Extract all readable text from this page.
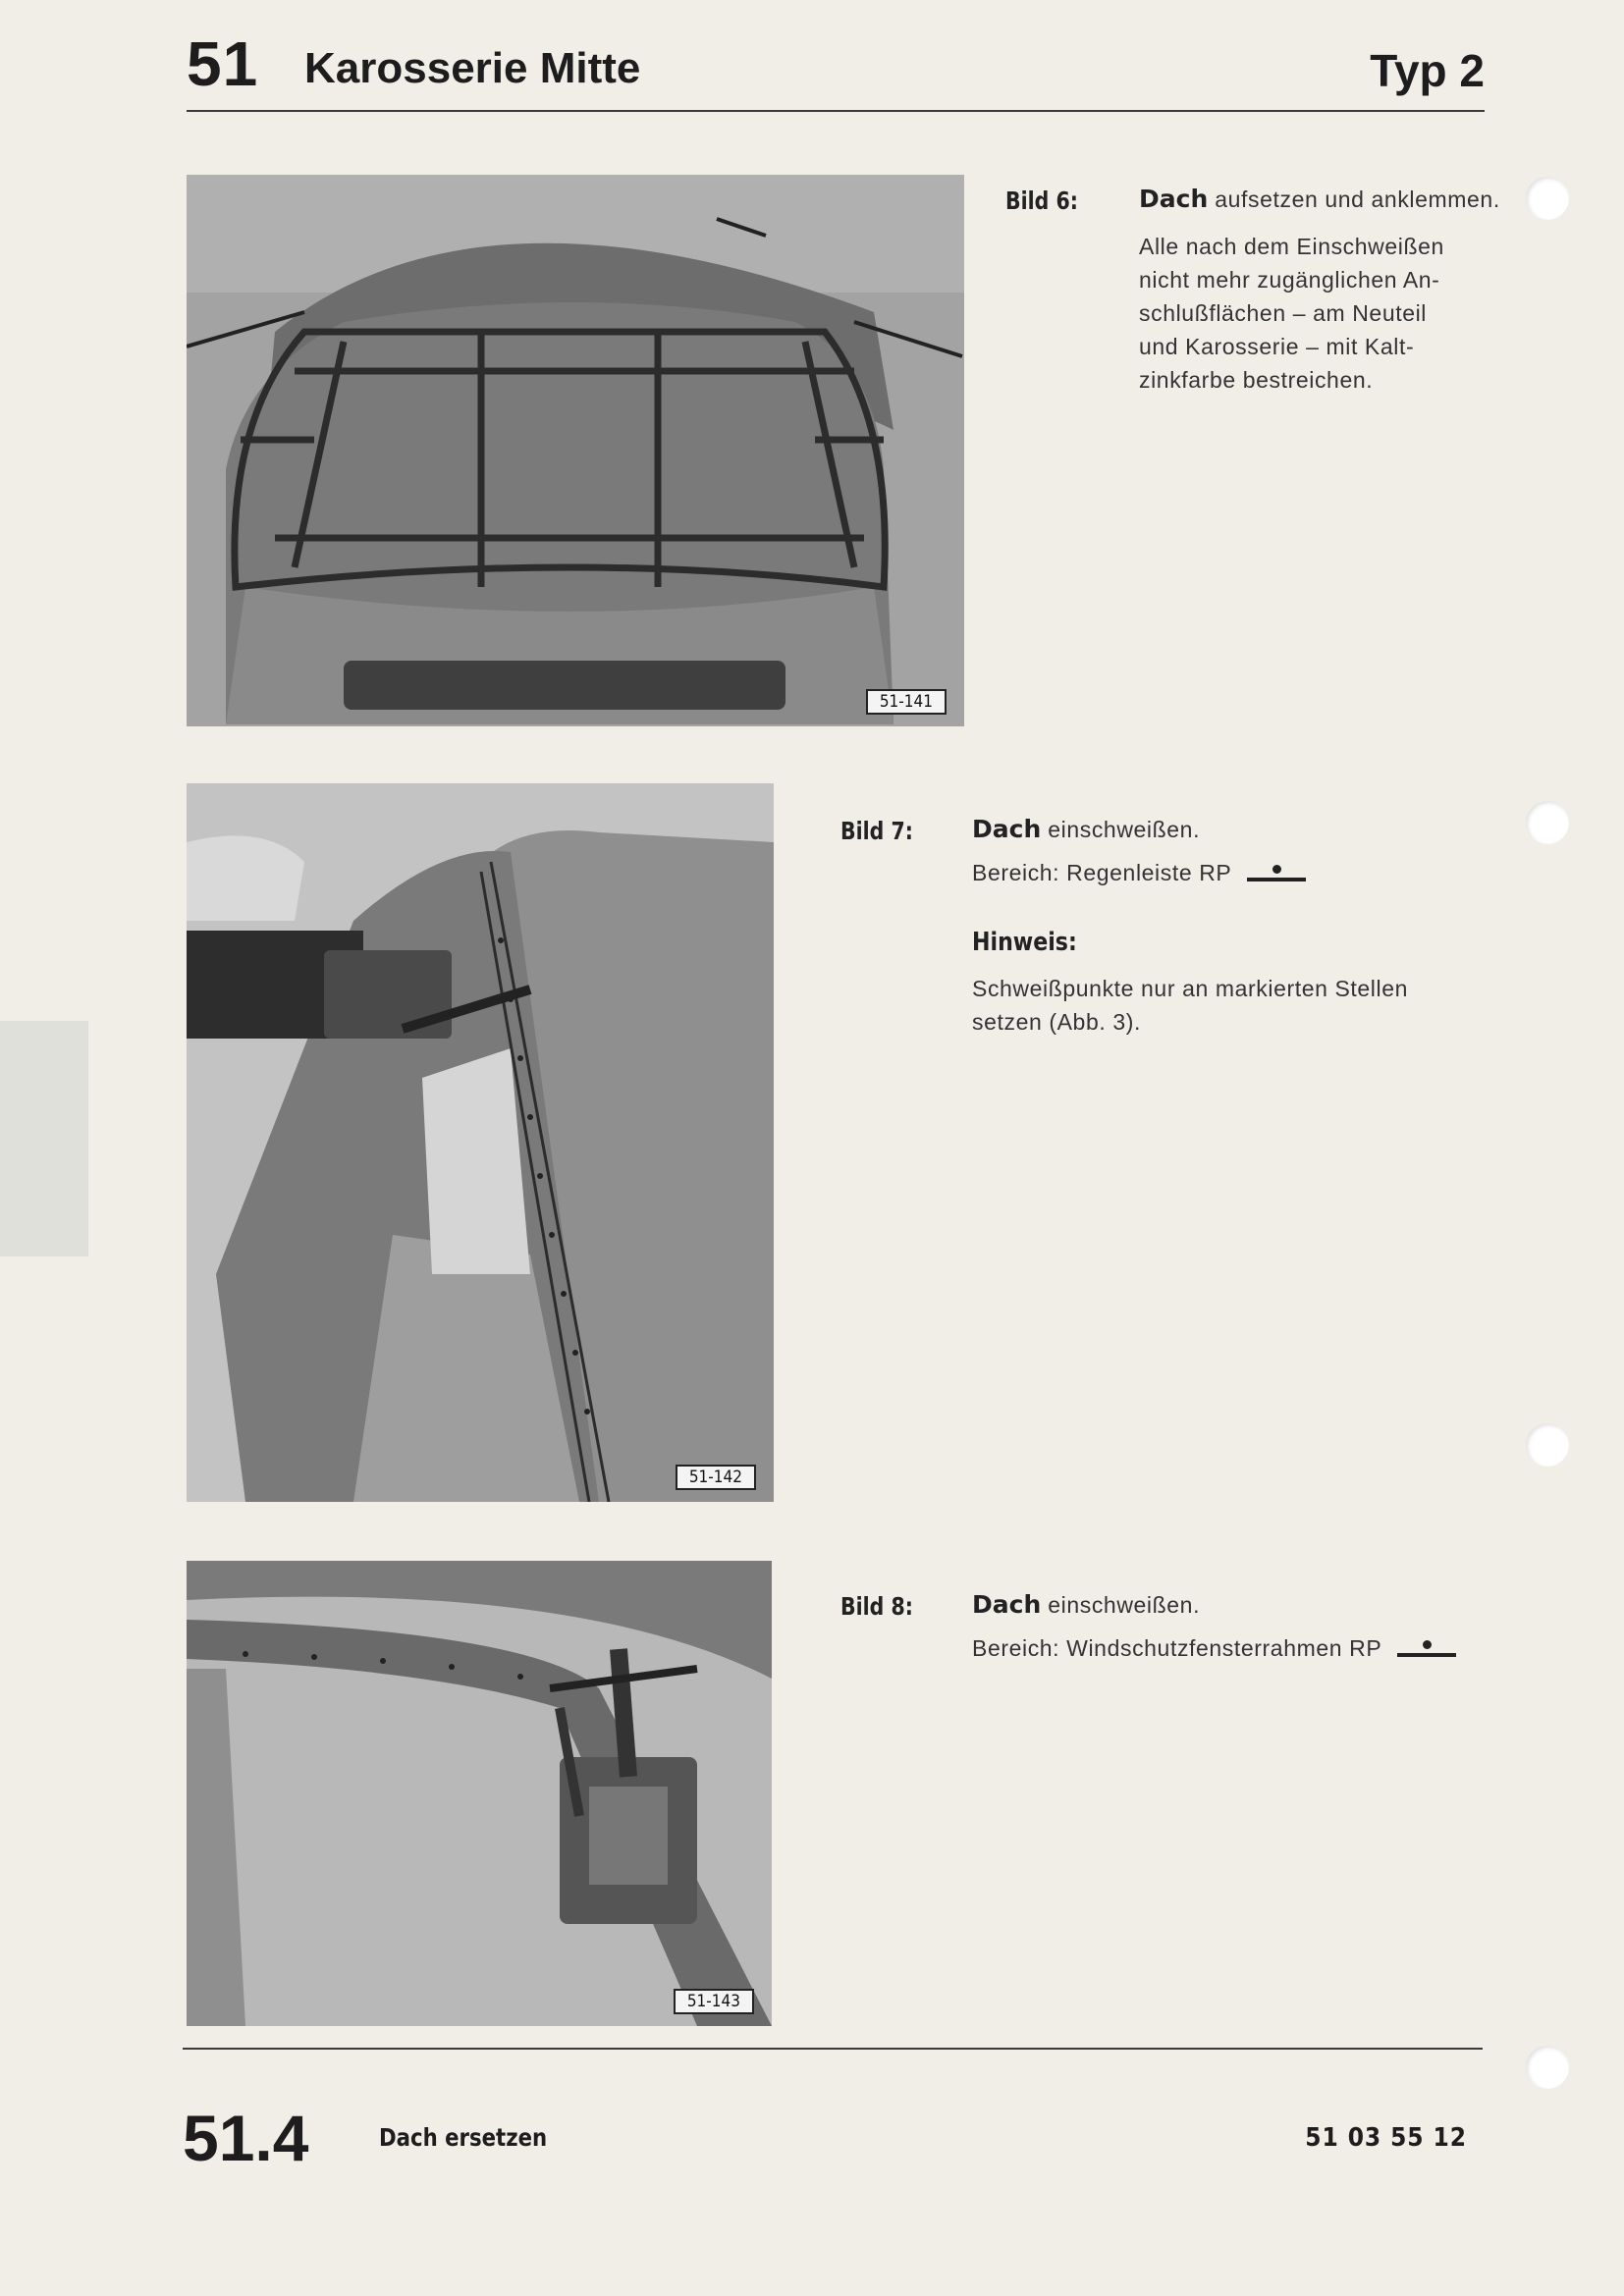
51 Karosserie Mitte	Typ 2
51-141
Bild 6: Dach aufsetzen und anklemmen.
Alle nach dem Einschweißen
nicht mehr zugänglichen An-
schlußflächen – am Neuteil
und Karosserie – mit Kalt-
zinkfarbe bestreichen.
51-142
Bild 7: Dach einschweißen.
Bereich: Regenleiste RP
Hinweis:
Schweißpunkte nur an markierten Stellen
setzen (Abb. 3).
51-143
Bild 8: Dach einschweißen.
Bereich: Windschutzfensterrahmen RP
51.4	Dach ersetzen	51 03 55 12
